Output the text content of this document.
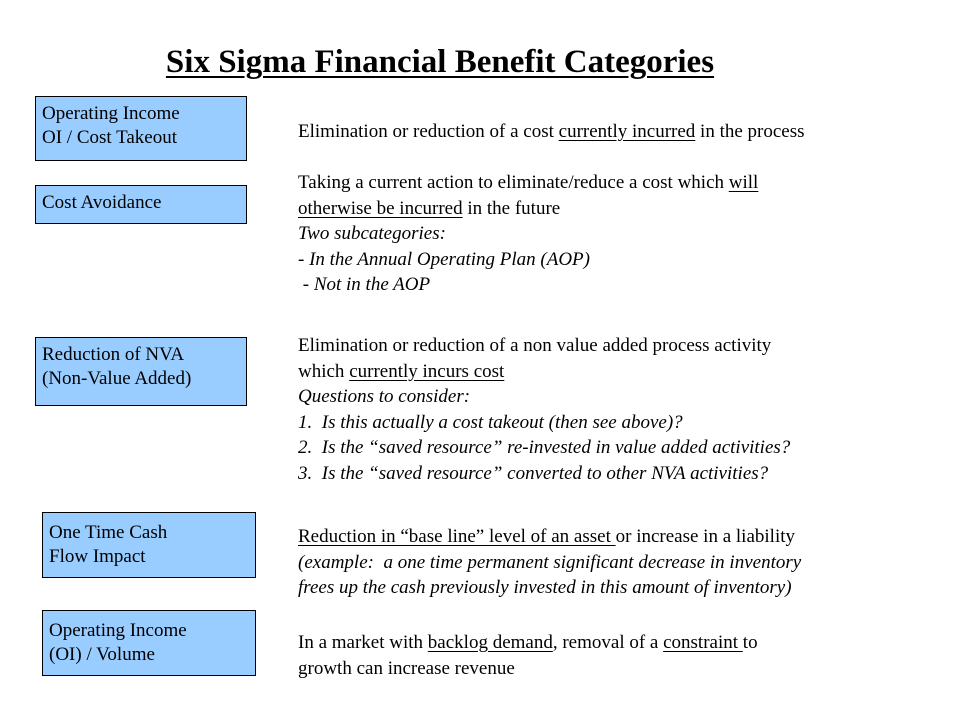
Six Sigma Financial Benefit Categories
Operating Income
OI / Cost Takeout
Cost Avoidance
Reduction of NVA
(Non-Value Added)
One Time Cash
Flow Impact
Operating Income
(OI) / Volume
Elimination or reduction of a cost currently incurred in the process
Taking a current action to eliminate/reduce a cost which will
otherwise be incurred in the future
Two subcategories:
- In the Annual Operating Plan (AOP)
- Not in the AOP
Elimination or reduction of a non value added process activity
which currently incurs cost
Questions to consider:
1.  Is this actually a cost takeout (then see above)?
2.  Is the “saved resource” re-invested in value added activities?
3.  Is the “saved resource” converted to other NVA activities?
Reduction in “base line” level of an asset or increase in a liability
(example:  a one time permanent significant decrease in inventory
frees up the cash previously invested in this amount of inventory)
In a market with backlog demand, removal of a constraint to
growth can increase revenue
